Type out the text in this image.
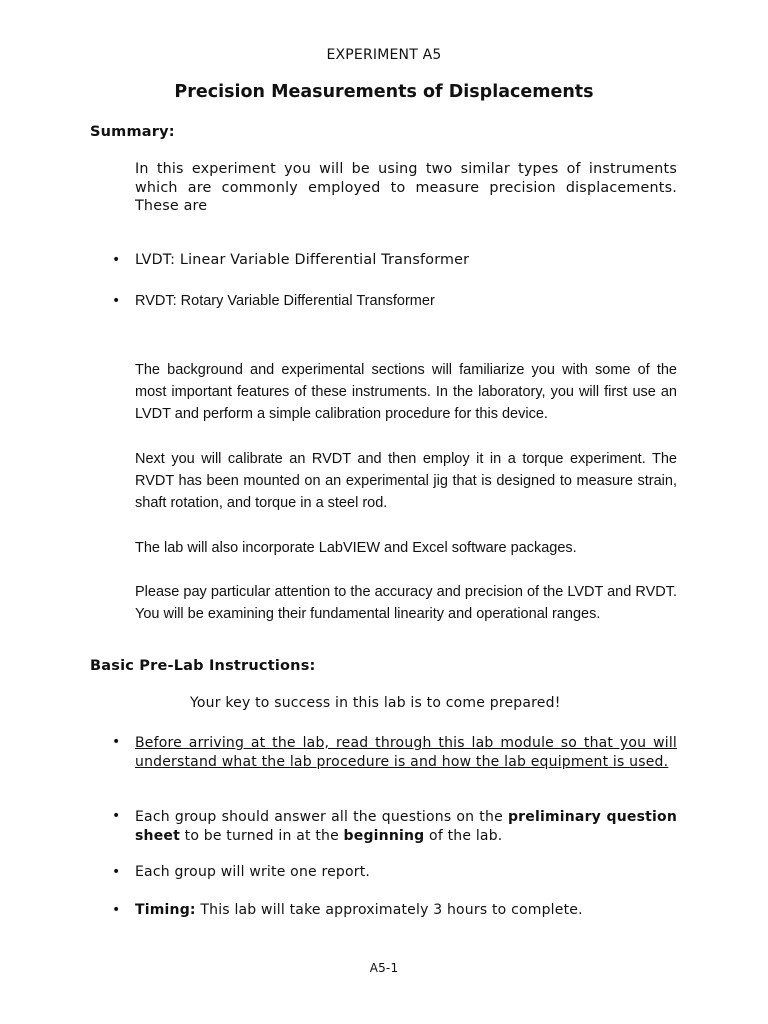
EXPERIMENT A5
Precision Measurements of Displacements
Summary:
In this experiment you will be using two similar types of instruments which are commonly employed to measure precision displacements. These are
• LVDT: Linear Variable Differential Transformer
• RVDT: Rotary Variable Differential Transformer
The background and experimental sections will familiarize you with some of the most important features of these instruments. In the laboratory, you will first use an LVDT and perform a simple calibration procedure for this device.
Next you will calibrate an RVDT and then employ it in a torque experiment. The RVDT has been mounted on an experimental jig that is designed to measure strain, shaft rotation, and torque in a steel rod.
The lab will also incorporate LabVIEW and Excel software packages.
Please pay particular attention to the accuracy and precision of the LVDT and RVDT. You will be examining their fundamental linearity and operational ranges.
Basic Pre-Lab Instructions:
Your key to success in this lab is to come prepared!
• Before arriving at the lab, read through this lab module so that you will understand what the lab procedure is and how the lab equipment is used.
• Each group should answer all the questions on the preliminary question sheet to be turned in at the beginning of the lab.
• Each group will write one report.
• Timing: This lab will take approximately 3 hours to complete.
A5-1
